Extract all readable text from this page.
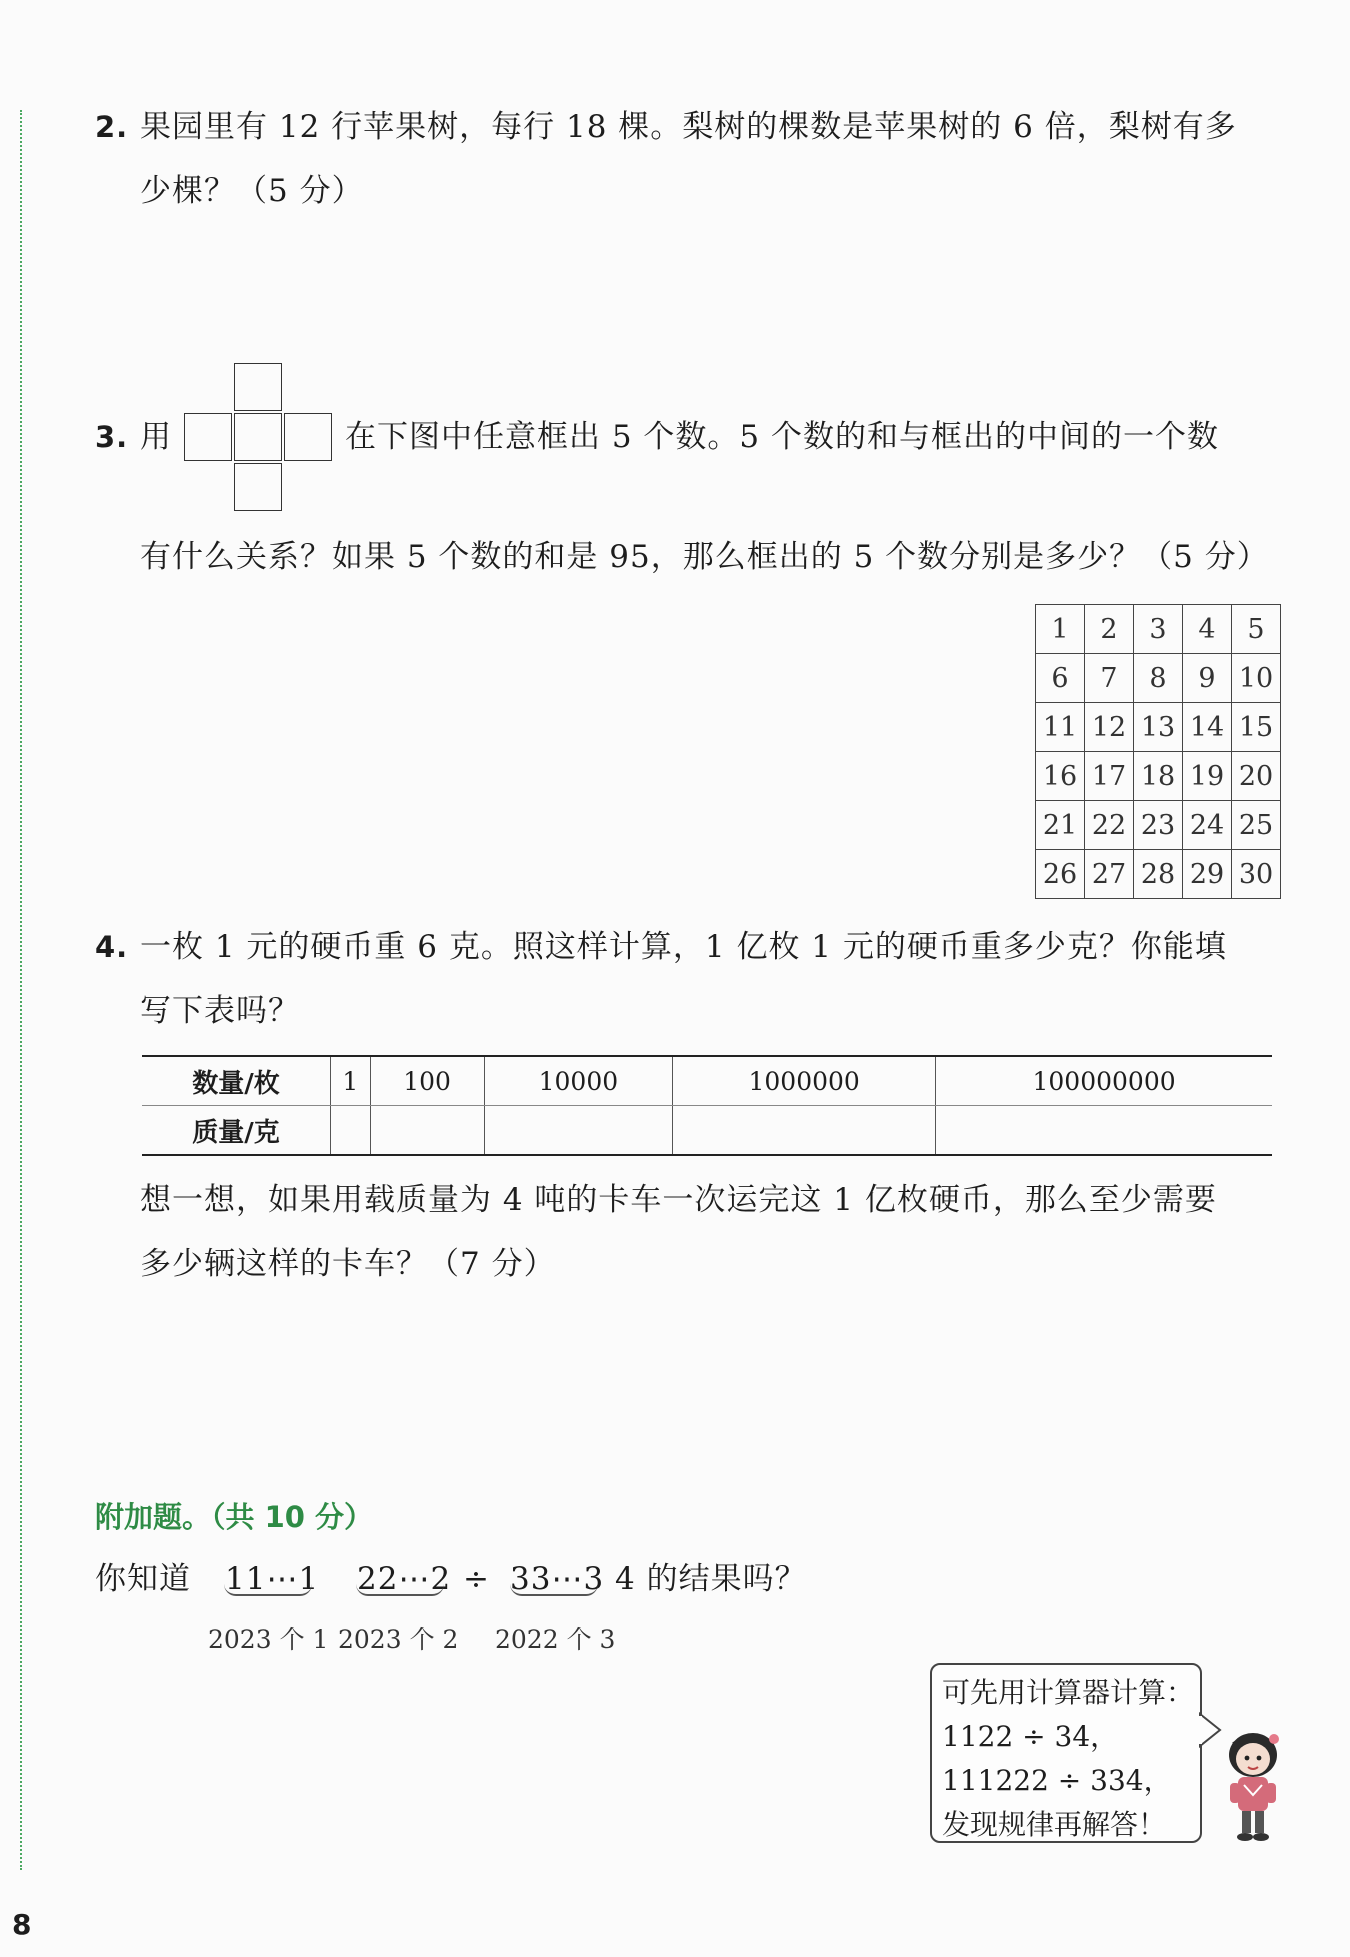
2. 果园里有 12 行苹果树，每行 18 棵。梨树的棵数是苹果树的 6 倍，梨树有多
少棵？（5 分）
3. 用	在下图中任意框出 5 个数。5 个数的和与框出的中间的一个数
有什么关系？如果 5 个数的和是 95，那么框出的 5 个数分别是多少？（5 分）
1	2	3	4	5
6	7	8	9	10
11	12	13	14	15
16	17	18	19	20
21	22	23	24	25
26	27	28	29	30
4. 一枚 1 元的硬币重 6 克。照这样计算，1 亿枚 1 元的硬币重多少克？你能填
写下表吗？
数量/枚	1	100	10000	1000000	100000000
质量/克					
想一想，如果用载质量为 4 吨的卡车一次运完这 1 亿枚硬币，那么至少需要
多少辆这样的卡车？（7 分）
附加题。（共 10 分）
你知道 11⋯1 22⋯2 ÷ 33⋯3 4 的结果吗？
2023 个 1 2023 个 2 2022 个 3
可先用计算器计算：
1122 ÷ 34，
111222 ÷ 334，
发现规律再解答！
8
